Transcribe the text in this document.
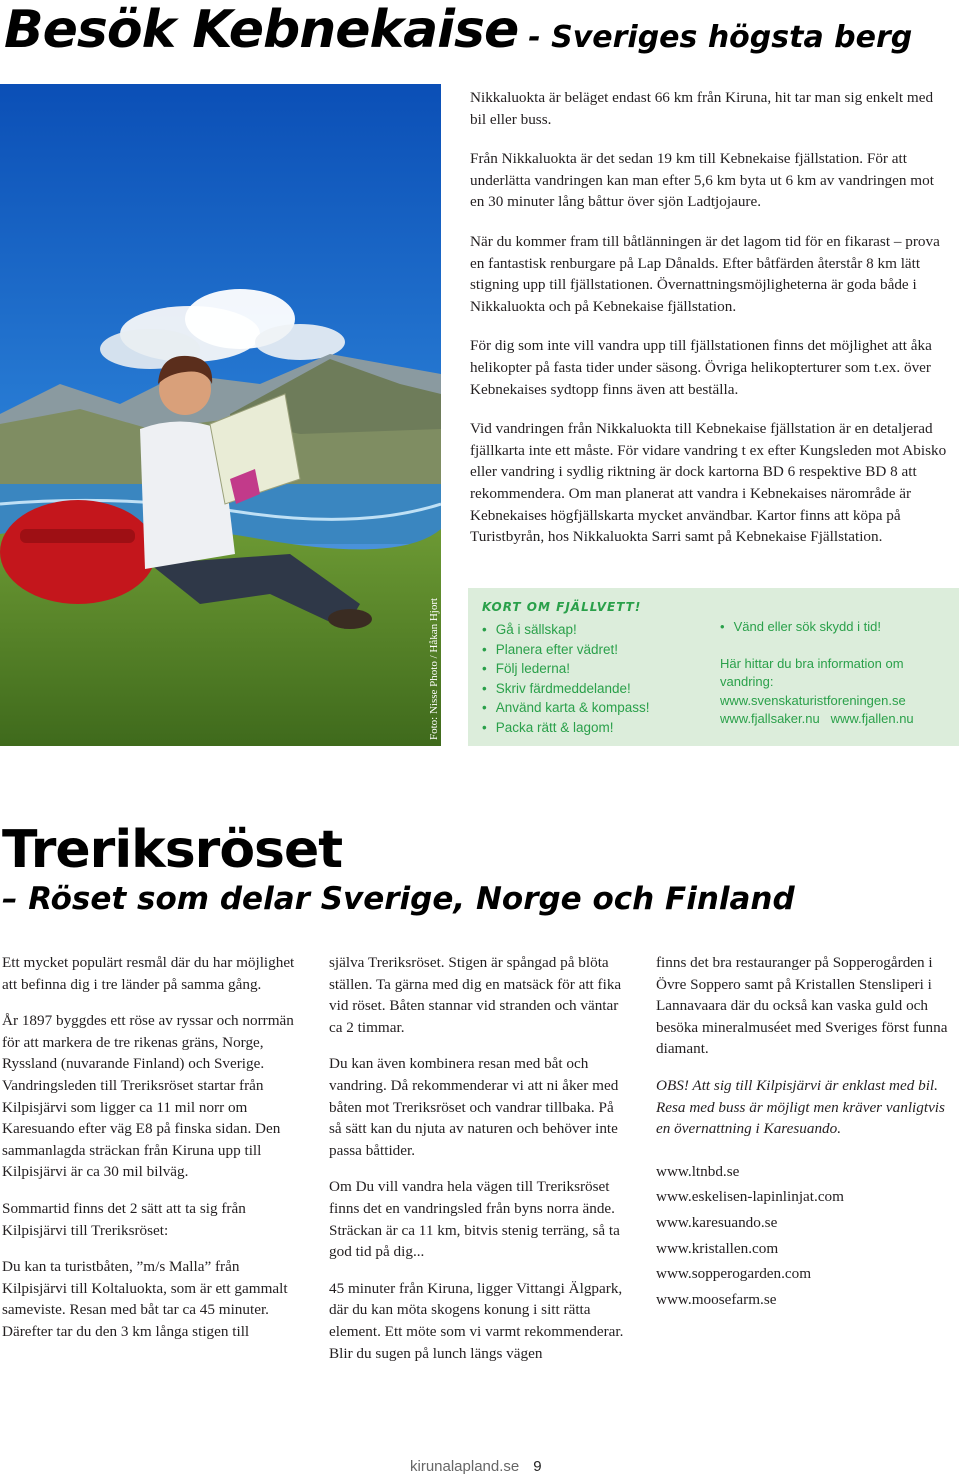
Besök Kebnekaise - Sveriges högsta berg
Foto: Nisse Photo / Håkan Hjort

Nikkaluokta är beläget endast 66 km från Kiruna, hit tar man sig enkelt med bil eller buss.

Från Nikkaluokta är det sedan 19 km till Kebnekaise fjällstation. För att underlätta vandringen kan man efter 5,6 km byta ut 6 km av vandringen mot en 30 minuter lång båttur över sjön Ladtjojaure.

När du kommer fram till båtlänningen är det lagom tid för en fikarast – prova en fantastisk renburgare på Lap Dånalds. Efter båtfärden återstår 8 km lätt stigning upp till fjällstationen. Övernattningsmöjligheterna är goda både i Nikkaluokta och på Kebnekaise fjällstation.

För dig som inte vill vandra upp till fjällstationen finns det möjlighet att åka helikopter på fasta tider under säsong. Övriga helikopterturer som t.ex. över Kebnekaises sydtopp finns även att beställa.

Vid vandringen från Nikkaluokta till Kebnekaise fjällstation är en detaljerad fjällkarta inte ett måste. För vidare vandring t ex efter Kungsleden mot Abisko eller vandring i sydlig riktning är dock kartorna BD 6 respektive BD 8 att rekommendera. Om man planerat att vandra i Kebnekaises närområde är Kebnekaises högfjällskarta mycket användbar. Kartor finns att köpa på Turistbyrån, hos Nikkaluokta Sarri samt på Kebnekaise Fjällstation.

KORT OM FJÄLLVETT!
• Gå i sällskap!
• Planera efter vädret!
• Följ lederna!
• Skriv färdmeddelande!
• Använd karta & kompass!
• Packa rätt & lagom!
• Vänd eller sök skydd i tid!
Här hittar du bra information om vandring:
www.svenskaturistforeningen.se
www.fjallsaker.nu www.fjallen.nu
Treriksröset
– Röset som delar Sverige, Norge och Finland

Ett mycket populärt resmål där du har möjlighet att befinna dig i tre länder på samma gång.

År 1897 byggdes ett röse av ryssar och norrmän för att markera de tre rikenas gräns, Norge, Ryssland (nuvarande Finland) och Sverige. Vandringsleden till Treriksröset startar från Kilpisjärvi som ligger ca 11 mil norr om Karesuando efter väg E8 på finska sidan. Den sammanlagda sträckan från Kiruna upp till Kilpisjärvi är ca 30 mil bilväg.

Sommartid finns det 2 sätt att ta sig från Kilpisjärvi till Treriksröset:

Du kan ta turistbåten, ”m/s Malla” från Kilpisjärvi till Koltaluokta, som är ett gammalt sameviste. Resan med båt tar ca 45 minuter. Därefter tar du den 3 km långa stigen till

själva Treriksröset. Stigen är spångad på blöta ställen. Ta gärna med dig en matsäck för att fika vid röset. Båten stannar vid stranden och väntar ca 2 timmar.

Du kan även kombinera resan med båt och vandring. Då rekommenderar vi att ni åker med båten mot Treriksröset och vandrar tillbaka. På så sätt kan du njuta av naturen och behöver inte passa båttider.

Om Du vill vandra hela vägen till Treriksröset finns det en vandringsled från byns norra ände. Sträckan är ca 11 km, bitvis stenig terräng, så ta god tid på dig...

45 minuter från Kiruna, ligger Vittangi Älgpark, där du kan möta skogens konung i sitt rätta element. Ett möte som vi varmt rekommenderar. Blir du sugen på lunch längs vägen

finns det bra restauranger på Sopperogården i Övre Soppero samt på Kristallen Stensliperi i Lannavaara där du också kan vaska guld och besöka mineralmuséet med Sveriges först funna diamant.

OBS! Att sig till Kilpisjärvi är enklast med bil. Resa med buss är möjligt men kräver vanligtvis en övernattning i Karesuando.

www.ltnbd.se

www.eskelisen-lapinlinjat.com

www.karesuando.se

www.kristallen.com

www.sopperogarden.com

www.moosefarm.se

kirunalapland.se 9
